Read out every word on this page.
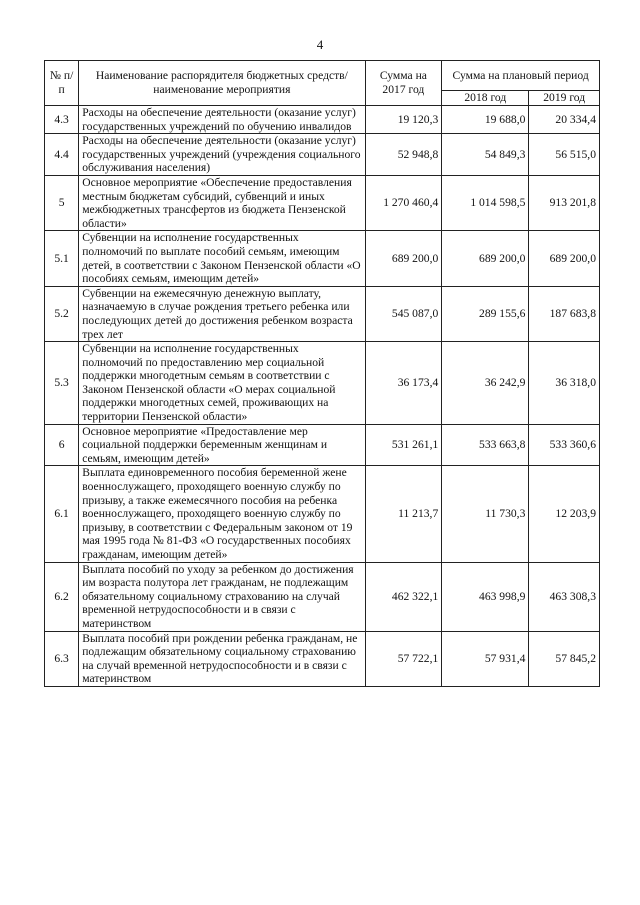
4
№ п/п	Наименование распорядителя бюджетных средств/наименование мероприятия	Сумма на 2017 год	Сумма на плановый период	
			2018 год	2019 год
4.3	Расходы на обеспечение деятельности (оказание услуг) государственных учреждений по обучению инвалидов	19 120,3	19 688,0	20 334,4
4.4	Расходы на обеспечение деятельности (оказание услуг) государственных учреждений (учреждения социального обслуживания населения)	52 948,8	54 849,3	56 515,0
5	Основное мероприятие «Обеспечение предоставления местным бюджетам субсидий, субвенций и иных межбюджетных трансфертов из бюджета Пензенской области»	1 270 460,4	1 014 598,5	913 201,8
5.1	Субвенции на исполнение государственных полномочий по выплате пособий семьям, имеющим детей, в соответствии с Законом Пензенской области «О пособиях семьям, имеющим детей»	689 200,0	689 200,0	689 200,0
5.2	Субвенции на ежемесячную денежную выплату, назначаемую в случае рождения третьего ребенка или последующих детей до достижения ребенком возраста трех лет	545 087,0	289 155,6	187 683,8
5.3	Субвенции на исполнение государственных полномочий по предоставлению мер социальной поддержки многодетным семьям в соответствии с Законом Пензенской области «О мерах социальной поддержки многодетных семей, проживающих на территории Пензенской области»	36 173,4	36 242,9	36 318,0
6	Основное мероприятие «Предоставление мер социальной поддержки беременным женщинам и семьям, имеющим детей»	531 261,1	533 663,8	533 360,6
6.1	Выплата единовременного пособия беременной жене военнослужащего, проходящего военную службу по призыву, а также ежемесячного пособия на ребенка военнослужащего, проходящего военную службу по призыву, в соответствии с Федеральным законом от 19 мая 1995 года № 81-ФЗ «О государственных пособиях гражданам, имеющим детей»	11 213,7	11 730,3	12 203,9
6.2	Выплата пособий по уходу за ребенком до достижения им возраста полутора лет гражданам, не подлежащим обязательному социальному страхованию на случай временной нетрудоспособности и в связи с материнством	462 322,1	463 998,9	463 308,3
6.3	Выплата пособий при рождении ребенка гражданам, не подлежащим обязательному социальному страхованию на случай временной нетрудоспособности и в связи с материнством	57 722,1	57 931,4	57 845,2
